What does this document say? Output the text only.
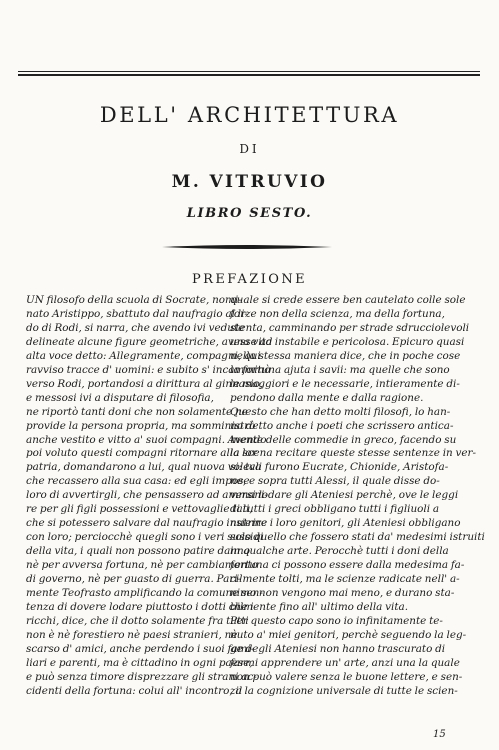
DELL' ARCHITETTURA
DI
M. VITRUVIO
LIBRO SESTO.
PREFAZIONE
UN filosofo della scuola di Socrate, nomi-
nato Aristippo, sbattuto dal naufragio al li-
do di Rodi, si narra, che avendo ivi vedute
delineate alcune figure geometriche, avesse ad
alta voce detto: Allegramente, compagni, qui
ravviso tracce d' uomini: e subito s' incamminò
verso Rodi, portandosi a dirittura al ginnasio,
e messosi ivi a disputare di filosofia,
ne riportò tanti doni che non solamente ne
provide la persona propria, ma somministrò
anche vestito e vitto a' suoi compagni. Avendo
poi voluto questi compagni ritornare alla lor
patria, domandarono a lui, qual nuova voleva
che recassero alla sua casa: ed egli impose
loro di avvertirgli, che pensassero ad ammani-
re per gli figli possessioni e vettovaglie tali,
che si potessero salvare dal naufragio insieme
con loro; perciocchè quegli sono i veri sussidi
della vita, i quali non possono patire danno
nè per avversa fortuna, nè per cambiamento
di governo, nè per guasto di guerra. Pari-
mente Teofrasto amplificando la comune sen-
tenza di dovere lodare piuttosto i dotti che i
ricchi, dice, che il dotto solamente fra tutti
non è nè forestiero nè paesi stranieri, nè
scarso d' amici, anche perdendo i suoi fami-
liari e parenti, ma è cittadino in ogni paese,
e può senza timore disprezzare gli strani ac-
cidenti della fortuna: colui all' incontro, il
quale si crede essere ben cautelato colle sole
forze non della scienza, ma della fortuna,
stenta, camminando per strade sdrucciolevoli
una vita instabile e pericolosa. Epicuro quasi
nella stessa maniera dice, che in poche cose
la fortuna ajuta i savii: ma quelle che sono
le maggiori e le necessarie, intieramente di-
pendono dalla mente e dalla ragione.
Questo che han detto molti filosofi, lo han-
no detto anche i poeti che scrissero antica-
mente delle commedie in greco, facendo su
la scena recitare queste stesse sentenze in ver-
si: tali furono Eucrate, Chionide, Aristofa-
ne, e sopra tutti Alessi, il quale disse do-
versi lodare gli Ateniesi perchè, ove le leggi
di tutti i greci obbligano tutti i figliuoli a
nutrire i loro genitori, gli Ateniesi obbligano
solo quello che fossero stati da' medesimi istruiti
in qualche arte. Perocchè tutti i doni della
fortuna ci possono essere dalla medesima fa-
cilmente tolti, ma le scienze radicate nell' a-
nimo non vengono mai meno, e durano sta-
bilmente fino all' ultimo della vita.
Per questo capo sono io infinitamente te-
nuto a' miei genitori, perchè seguendo la leg-
ge degli Ateniesi non hanno trascurato di
farmi apprendere un' arte, anzi una la quale
non può valere senza le buone lettere, e sen-
za la cognizione universale di tutte le scien-
15
